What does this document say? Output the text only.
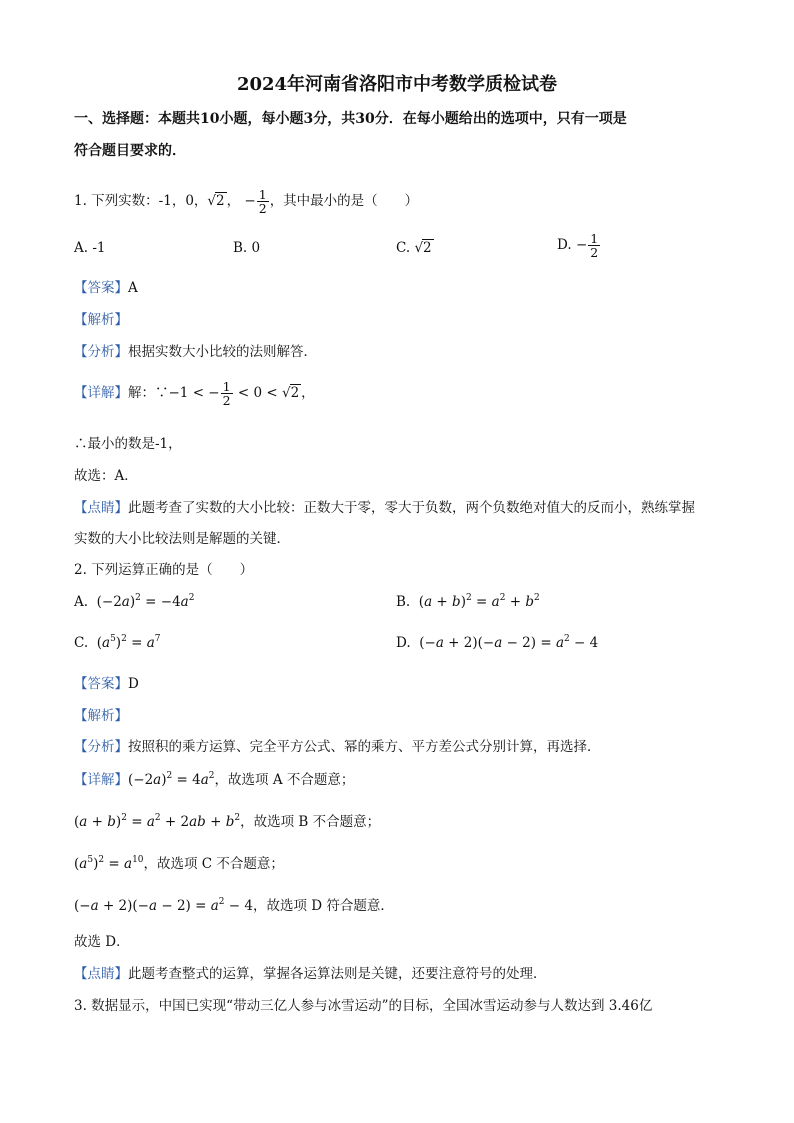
2024年河南省洛阳市中考数学质检试卷
一、选择题：本题共10小题，每小题3分，共30分．在每小题给出的选项中，只有一项是
符合题目要求的．
1. 下列实数：-1，0，√2 ， − $\frac{1}{2}$ ，其中最小的是（　　）
A. -1	B. 0	C. √2	D. − $\frac{1}{2}$
【答案】A
【解析】
【分析】根据实数大小比较的法则解答．
【详解】解：∵−1 < − $\frac{1}{2} < 0 < √2$ ，
∴最小的数是-1，
故选：A．
【点睛】此题考查了实数的大小比较：正数大于零，零大于负数，两个负数绝对值大的反而小，熟练掌握
实数的大小比较法则是解题的关键．
2. 下列运算正确的是（　　）
A.  $(-2a)^2 = -4a^2$	B.  $(a + b)^2 = a^2 + b^2$
C.  $(a^5)^2 = a^7$	D.  $(-a + 2)(-a - 2) = a^2 - 4$
【答案】D
【解析】
【分析】按照积的乘方运算、完全平方公式、幂的乘方、平方差公式分别计算，再选择．
【详解】$(-2a)^2 = 4a^2$，故选项 A 不合题意；
$(a + b)^2 = a^2 + 2ab + b^2$，故选项 B 不合题意；
$(a^5)^2 = a^{10}$，故选项 C 不合题意；
$(-a + 2)(-a - 2) = a^2 - 4$，故选项 D 符合题意．
故选 D．
【点睛】此题考查整式的运算，掌握各运算法则是关键，还要注意符号的处理．
3. 数据显示，中国已实现“带动三亿人参与冰雪运动”的目标，全国冰雪运动参与人数达到 3.46亿
